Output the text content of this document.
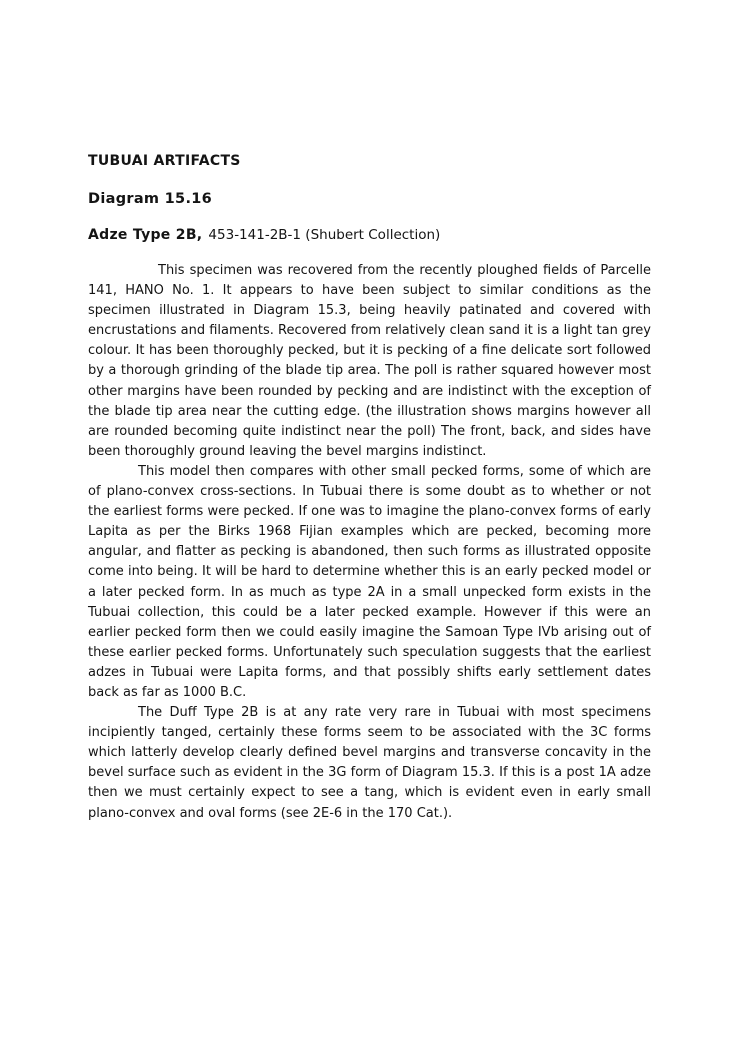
TUBUAI ARTIFACTS
Diagram 15.16
Adze Type 2B, 453-141-2B-1 (Shubert Collection)

This specimen was recovered from the recently ploughed fields of Parcelle 141, HANO No. 1. It appears to have been subject to similar conditions as the specimen illustrated in Diagram 15.3, being heavily patinated and covered with encrustations and filaments. Recovered from relatively clean sand it is a light tan grey colour. It has been thoroughly pecked, but it is pecking of a fine delicate sort followed by a thorough grinding of the blade tip area. The poll is rather squared however most other margins have been rounded by pecking and are indistinct with the exception of the blade tip area near the cutting edge. (the illustration shows margins however all are rounded becoming quite indistinct near the poll) The front, back, and sides have been thoroughly ground leaving the bevel margins indistinct.

This model then compares with other small pecked forms, some of which are of plano-convex cross-sections. In Tubuai there is some doubt as to whether or not the earliest forms were pecked. If one was to imagine the plano-convex forms of early Lapita as per the Birks 1968 Fijian examples which are pecked, becoming more angular, and flatter as pecking is abandoned, then such forms as illustrated opposite come into being. It will be hard to determine whether this is an early pecked model or a later pecked form. In as much as type 2A in a small unpecked form exists in the Tubuai collection, this could be a later pecked example. However if this were an earlier pecked form then we could easily imagine the Samoan Type IVb arising out of these earlier pecked forms. Unfortunately such speculation suggests that the earliest adzes in Tubuai were Lapita forms, and that possibly shifts early settlement dates back as far as 1000 B.C.

The Duff Type 2B is at any rate very rare in Tubuai with most specimens incipiently tanged, certainly these forms seem to be associated with the 3C forms which latterly develop clearly defined bevel margins and transverse concavity in the bevel surface such as evident in the 3G form of Diagram 15.3. If this is a post 1A adze then we must certainly expect to see a tang, which is evident even in early small plano-convex and oval forms (see 2E-6 in the 170 Cat.).
